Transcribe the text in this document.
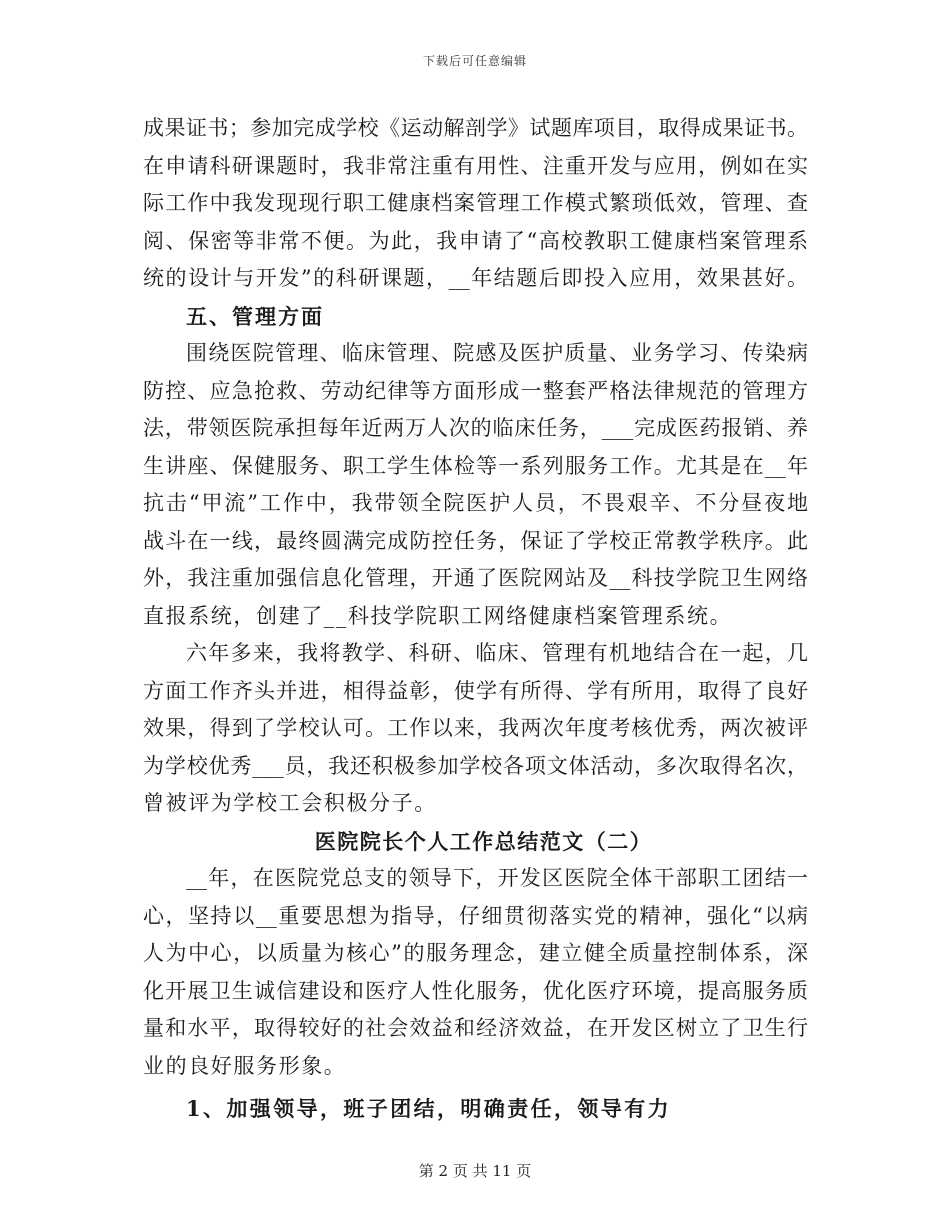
下载后可任意编辑
成果证书；参加完成学校《运动解剖学》试题库项目，取得成果证书。
在申请科研课题时，我非常注重有用性、注重开发与应用，例如在实
际工作中我发现现行职工健康档案管理工作模式繁琐低效，管理、查
阅、保密等非常不便。为此，我申请了“高校教职工健康档案管理系
统的设计与开发”的科研课题，__年结题后即投入应用，效果甚好。
五、管理方面
围绕医院管理、临床管理、院感及医护质量、业务学习、传染病
防控、应急抢救、劳动纪律等方面形成一整套严格法律规范的管理方
法，带领医院承担每年近两万人次的临床任务，___完成医药报销、养
生讲座、保健服务、职工学生体检等一系列服务工作。尤其是在__年
抗击“甲流”工作中，我带领全院医护人员，不畏艰辛、不分昼夜地
战斗在一线，最终圆满完成防控任务，保证了学校正常教学秩序。此
外，我注重加强信息化管理，开通了医院网站及__科技学院卫生网络
直报系统，创建了__科技学院职工网络健康档案管理系统。
六年多来，我将教学、科研、临床、管理有机地结合在一起，几
方面工作齐头并进，相得益彰，使学有所得、学有所用，取得了良好
效果，得到了学校认可。工作以来，我两次年度考核优秀，两次被评
为学校优秀___员，我还积极参加学校各项文体活动，多次取得名次，
曾被评为学校工会积极分子。
医院院长个人工作总结范文（二）
__年，在医院党总支的领导下，开发区医院全体干部职工团结一
心，坚持以__重要思想为指导，仔细贯彻落实党的精神，强化“以病
人为中心，以质量为核心”的服务理念，建立健全质量控制体系，深
化开展卫生诚信建设和医疗人性化服务，优化医疗环境，提高服务质
量和水平，取得较好的社会效益和经济效益，在开发区树立了卫生行
业的良好服务形象。
1、加强领导，班子团结，明确责任，领导有力
第 2 页 共 11 页
